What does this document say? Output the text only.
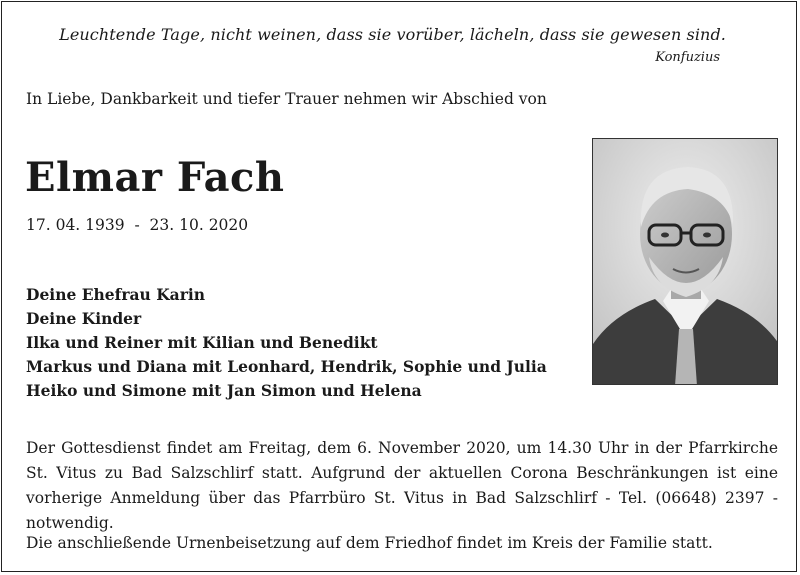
Leuchtende Tage, nicht weinen, dass sie vorüber, lächeln, dass sie gewesen sind.
Konfuzius
In Liebe, Dankbarkeit und tiefer Trauer nehmen wir Abschied von
Elmar Fach
17. 04. 1939  -  23. 10. 2020
Deine Ehefrau Karin
Deine Kinder
Ilka und Reiner mit Kilian und Benedikt
Markus und Diana mit Leonhard, Hendrik, Sophie und Julia
Heiko und Simone mit Jan Simon und Helena
Der Gottesdienst findet am Freitag, dem 6. November 2020, um 14.30 Uhr in der Pfarrkirche St. Vitus zu Bad Salzschlirf statt. Aufgrund der aktuellen Corona Beschränkungen ist eine vorherige Anmeldung über das Pfarrbüro St. Vitus in Bad Salzschlirf - Tel. (06648) 2397 - notwendig.
Die anschließende Urnenbeisetzung auf dem Friedhof findet im Kreis der Familie statt.
